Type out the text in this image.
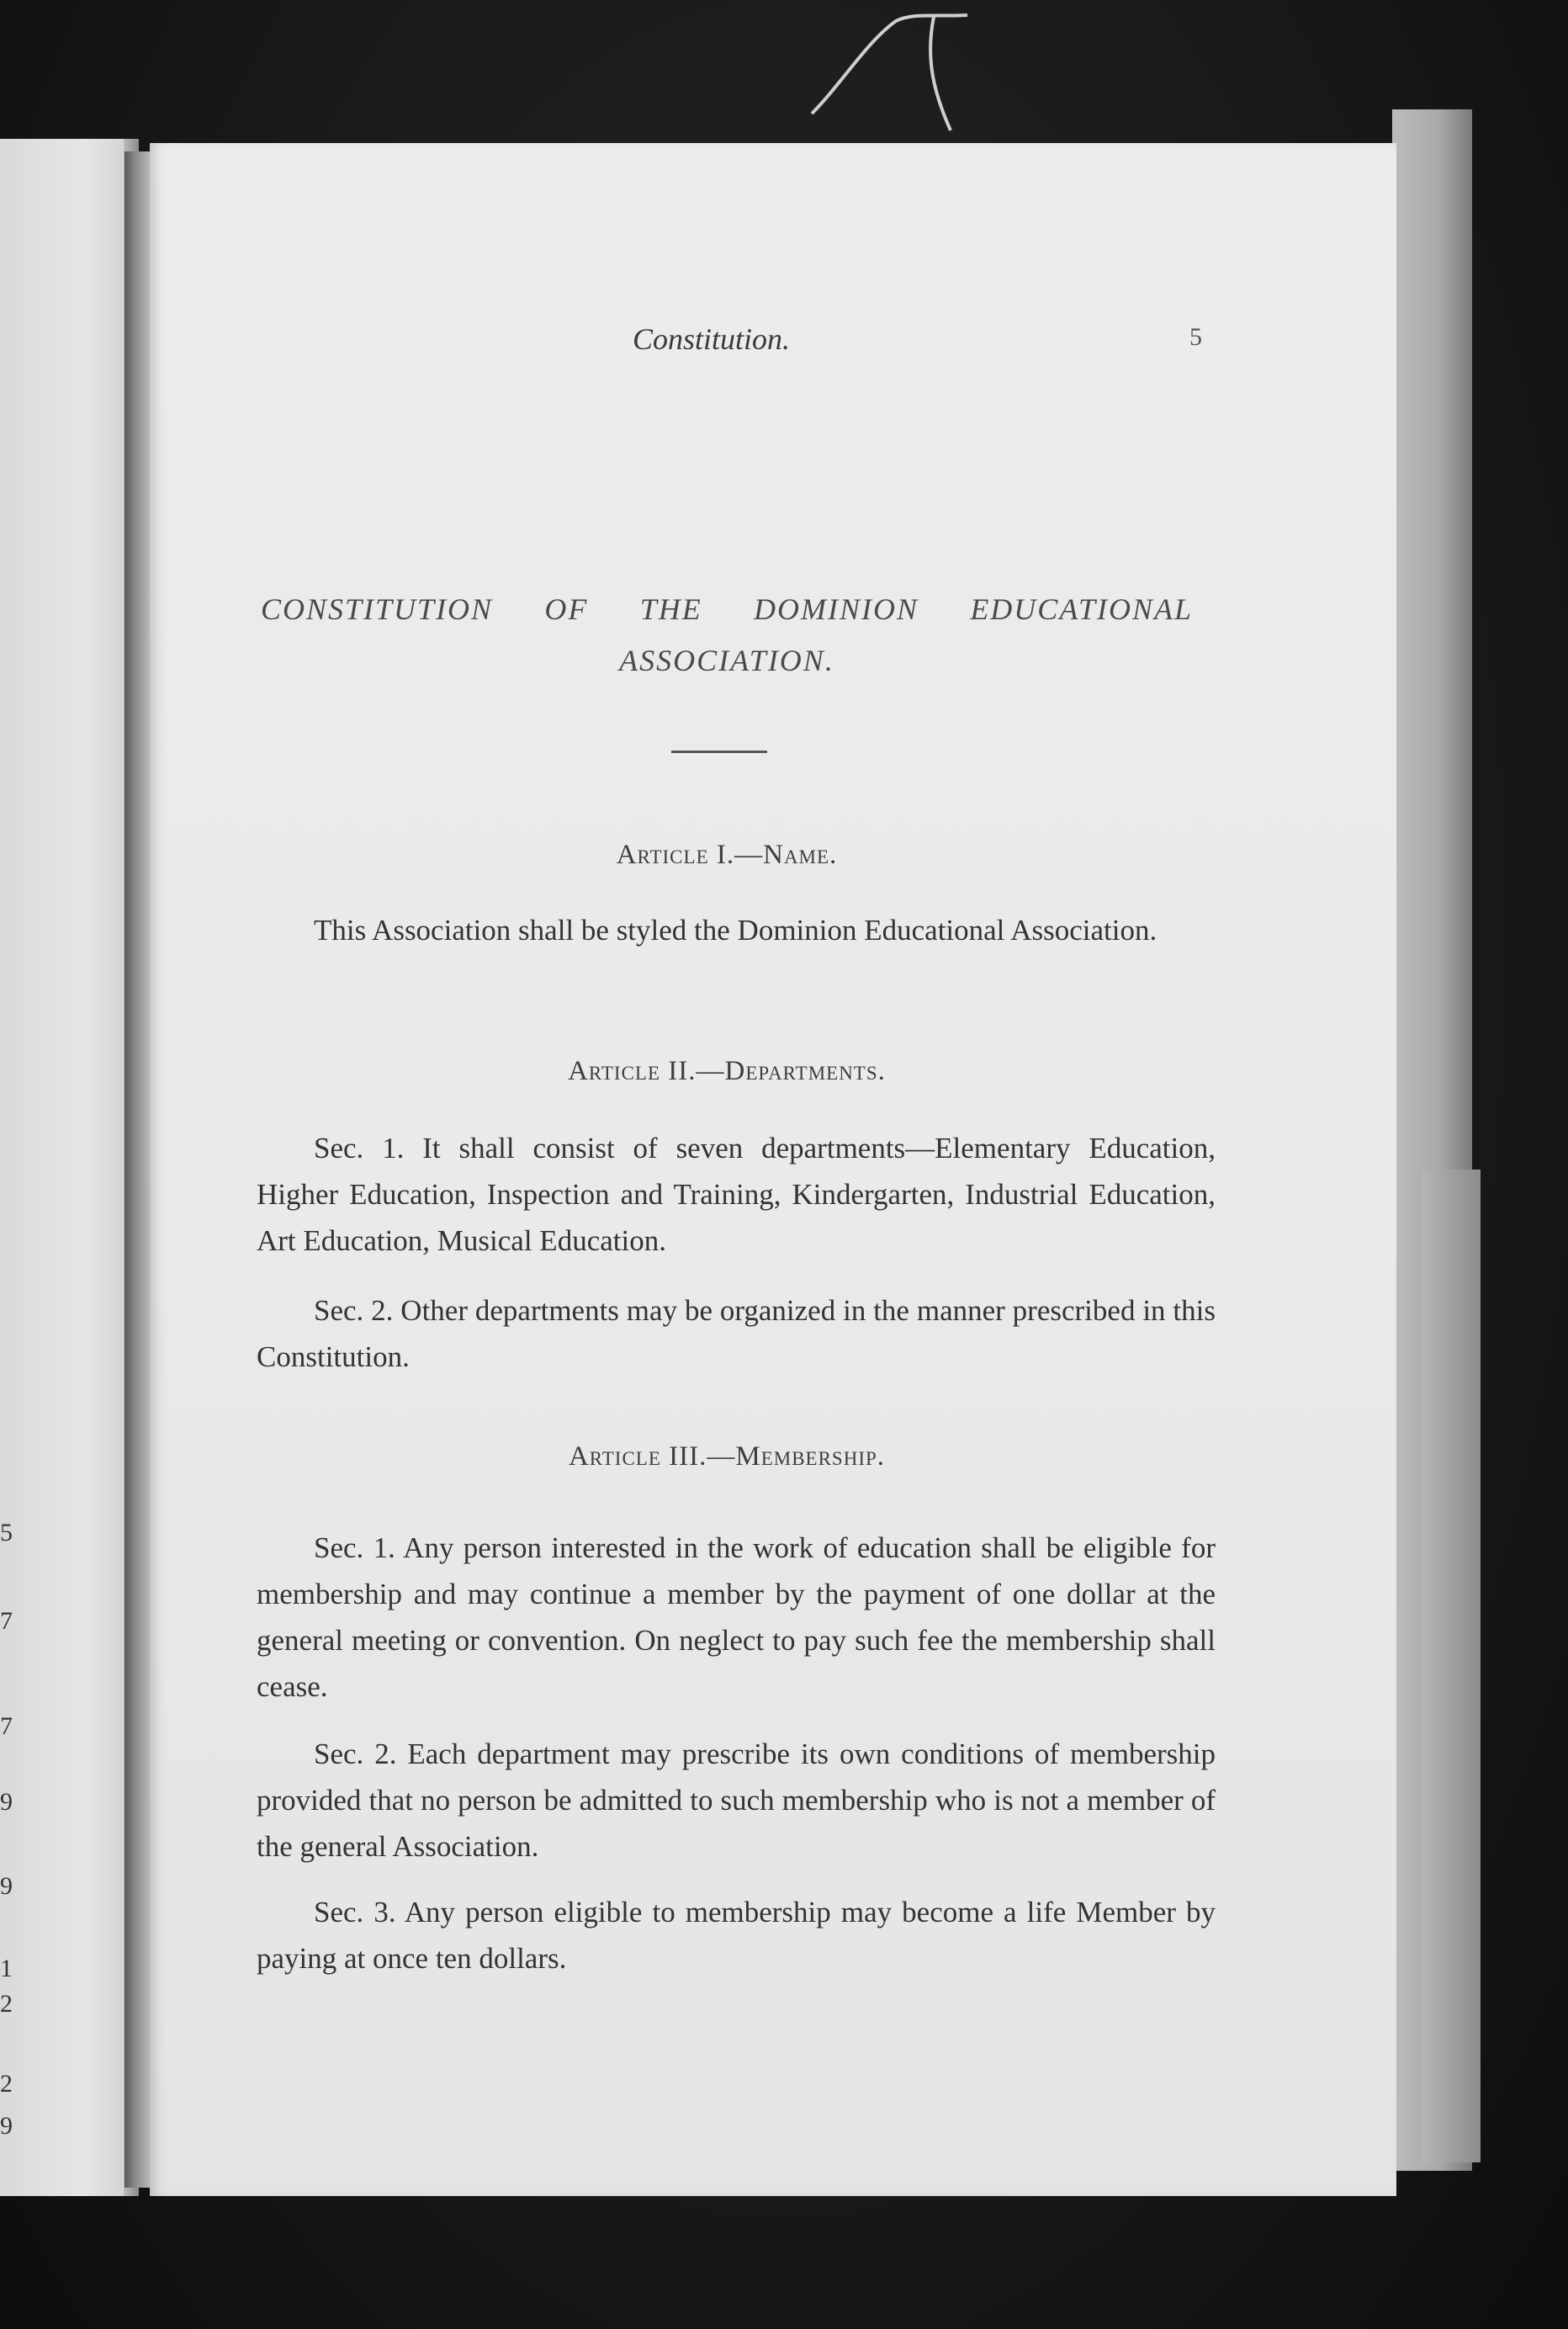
5
7
7
9
9
1
2
2
9
Constitution.	5
CONSTITUTION OF THE DOMINION EDUCATIONAL
ASSOCIATION.
Article I.—Name.
This Association shall be styled the Dominion Educational Association.
Article II.—Departments.
Sec. 1. It shall consist of seven departments—Elementary Education, Higher Education, Inspection and Training, Kindergarten, Industrial Education, Art Education, Musical Education.
Sec. 2. Other departments may be organized in the manner prescribed in this Constitution.
Article III.—Membership.
Sec. 1. Any person interested in the work of education shall be eligible for membership and may continue a member by the payment of one dollar at the general meeting or convention. On neglect to pay such fee the membership shall cease.
Sec. 2. Each department may prescribe its own conditions of membership provided that no person be admitted to such membership who is not a member of the general Association.
Sec. 3. Any person eligible to membership may become a life Member by paying at once ten dollars.
